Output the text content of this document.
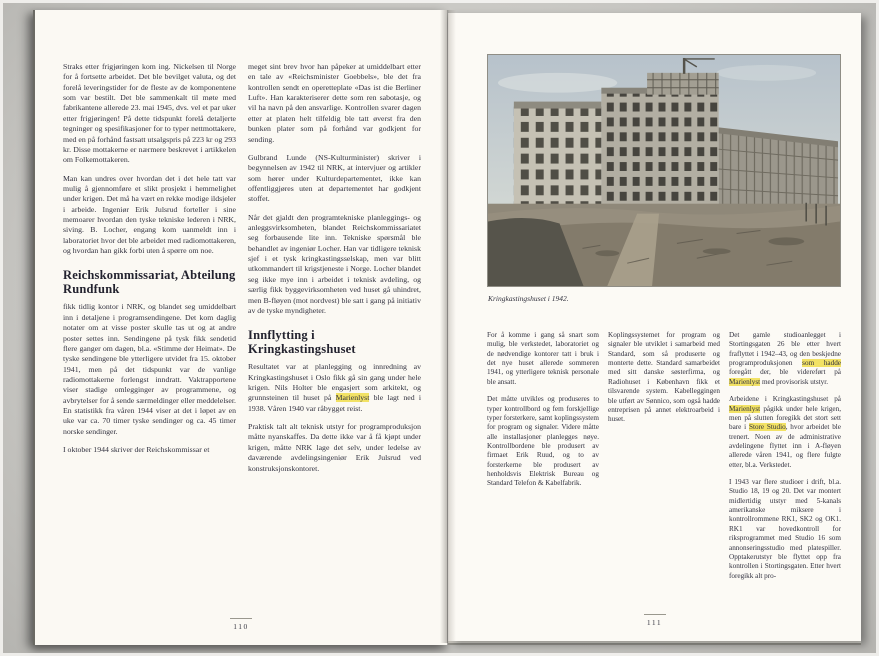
Straks etter frigjøringen kom ing. Nickelsen til Norge for å fortsette arbeidet. Det ble bevilget valuta, og det forelå leveringstider for de fleste av de komponentene som var bestilt. Det ble sammenkalt til møte med fabrikantene allerede 23. mai 1945, dvs. vel et par uker etter frigjøringen! På dette tidspunkt forelå detaljerte tegninger og spesifikasjoner for to typer nettmottakere, med en på forhånd fastsatt utsalgspris på 223 kr og 293 kr. Disse mottakerne er nærmere beskrevet i artikkelen om Folkemottakeren.

Man kan undres over hvordan det i det hele tatt var mulig å gjennomføre et slikt prosjekt i hemmelighet under krigen. Det må ha vært en rekke modige ildsjeler i arbeide. Ingeniør Erik Julsrud forteller i sine memoarer hvordan den tyske tekniske lederen i NRK, siving. B. Locher, engang kom uanmeldt inn i laboratoriet hvor det ble arbeidet med radiomottakeren, og hvordan han gikk forbi uten å spørre om noe.

Reichskommissariat, Abteilung Rundfunk

fikk tidlig kontor i NRK, og blandet seg umiddelbart inn i detaljene i programsendingene. Det kom daglig notater om at visse poster skulle tas ut og at andre poster settes inn. Sendingene på tysk fikk sendetid flere ganger om dagen, bl.a. «Stimme der Heimat». De tyske sendingene ble ytterligere utvidet fra 15. oktober 1941, men på det tidspunkt var de vanlige radiomottakerne forlengst inndratt. Vaktrapportene viser stadige omlegginger av programmene, og avbrytelser for å sende særmeldinger eller meddelelser. En statistikk fra våren 1944 viser at det i løpet av en uke var ca. 70 timer tyske sendinger og ca. 45 timer norske sendinger.

I oktober 1944 skriver der Reichskommissar et

meget sint brev hvor han påpeker at umiddelbart etter en tale av «Reichsminister Goebbels», ble det fra kontrollen sendt en operetteplate «Das ist die Berliner Luft». Han karakteriserer dette som ren sabotasje, og vil ha navn på den ansvarlige. Kontrollen svarer dagen etter at platen helt tilfeldig ble tatt øverst fra den bunken plater som på forhånd var godkjent for sending.

Gulbrand Lunde (NS-Kulturminister) skriver i begynnelsen av 1942 til NRK, at intervjuer og artikler som hører under Kulturdepartementet, ikke kan offentliggjøres uten at departementet har godkjent stoffet.

Når det gjaldt den programtekniske planleggings- og anleggsvirksomheten, blandet Reichskommissariatet seg forbausende lite inn. Tekniske spørsmål ble behandlet av ingeniør Locher. Han var tidligere teknisk sjef i et tysk kringkastingsselskap, men var blitt utkommandert til krigstjeneste i Norge. Locher blandet seg ikke mye inn i arbeidet i teknisk avdeling, og særlig fikk byggevirksomheten ved huset gå uhindret, men B-fløyen (mot nordvest) ble satt i gang på initiativ av de tyske myndigheter.

Innflytting i Kringkastingshuset

Resultatet var at planlegging og innredning av Kringkastingshuset i Oslo fikk gå sin gang under hele krigen. Nils Holter ble engasjert som arkitekt, og grunnsteinen til huset på Marienlyst ble lagt ned i 1938. Våren 1940 var råbygget reist.

Praktisk talt alt teknisk utstyr for programproduksjon måtte nyanskaffes. Da dette ikke var å få kjøpt under krigen, måtte NRK lage det selv, under ledelse av daværende avdelingsingeniør Erik Julsrud ved konstruksjonskontoret.

110
Kringkastingshuset i 1942.

For å komme i gang så snart som mulig, ble verkstedet, laboratoriet og de nødvendige kontorer tatt i bruk i det nye huset allerede sommeren 1941, og ytterligere teknisk personale ble ansatt.

Det måtte utvikles og produseres to typer kontrollbord og fem forskjellige typer forsterkere, samt koplingssystem for program og signaler. Videre måtte alle installasjoner planlegges nøye. Kontrollbordene ble produsert av firmaet Erik Ruud, og to av forsterkerne ble produsert av henholdsvis Elektrisk Bureau og Standard Telefon & Kabelfabrik.

Koplingssystemet for program og signaler ble utviklet i samarbeid med Standard, som så produserte og monterte dette. Standard samarbeidet med sitt danske søsterfirma, og Radiohuset i København fikk et tilsvarende system. Kabelleggingen ble utført av Sønnico, som også hadde entreprisen på annet elektroarbeid i huset.

Det gamle studioanlegget i Stortingsgaten 26 ble etter hvert fraflyttet i 1942–43, og den beskjedne programproduksjonen som hadde foregått der, ble videreført på Marienlyst med provisorisk utstyr.

Arbeidene i Kringkastingshuset på Marienlyst pågikk under hele krigen, men på slutten foregikk det stort sett bare i Store Studio, hvor arbeidet ble trenert. Noen av de administrative avdelingene flyttet inn i A-fløyen allerede våren 1941, og flere fulgte etter, bl.a. Verkstedet.

I 1943 var flere studioer i drift, bl.a. Studio 18, 19 og 20. Det var montert midlertidig utstyr med 5-kanals amerikanske miksere i kontrollrommene RK1, SK2 og OK1. RK1 var hovedkontroll for riksprogrammet med Studio 16 som annonseringsstudio med platespiller. Opptakerutstyr ble flyttet opp fra kontrollen i Stortingsgaten. Etter hvert foregikk alt pro-

111
